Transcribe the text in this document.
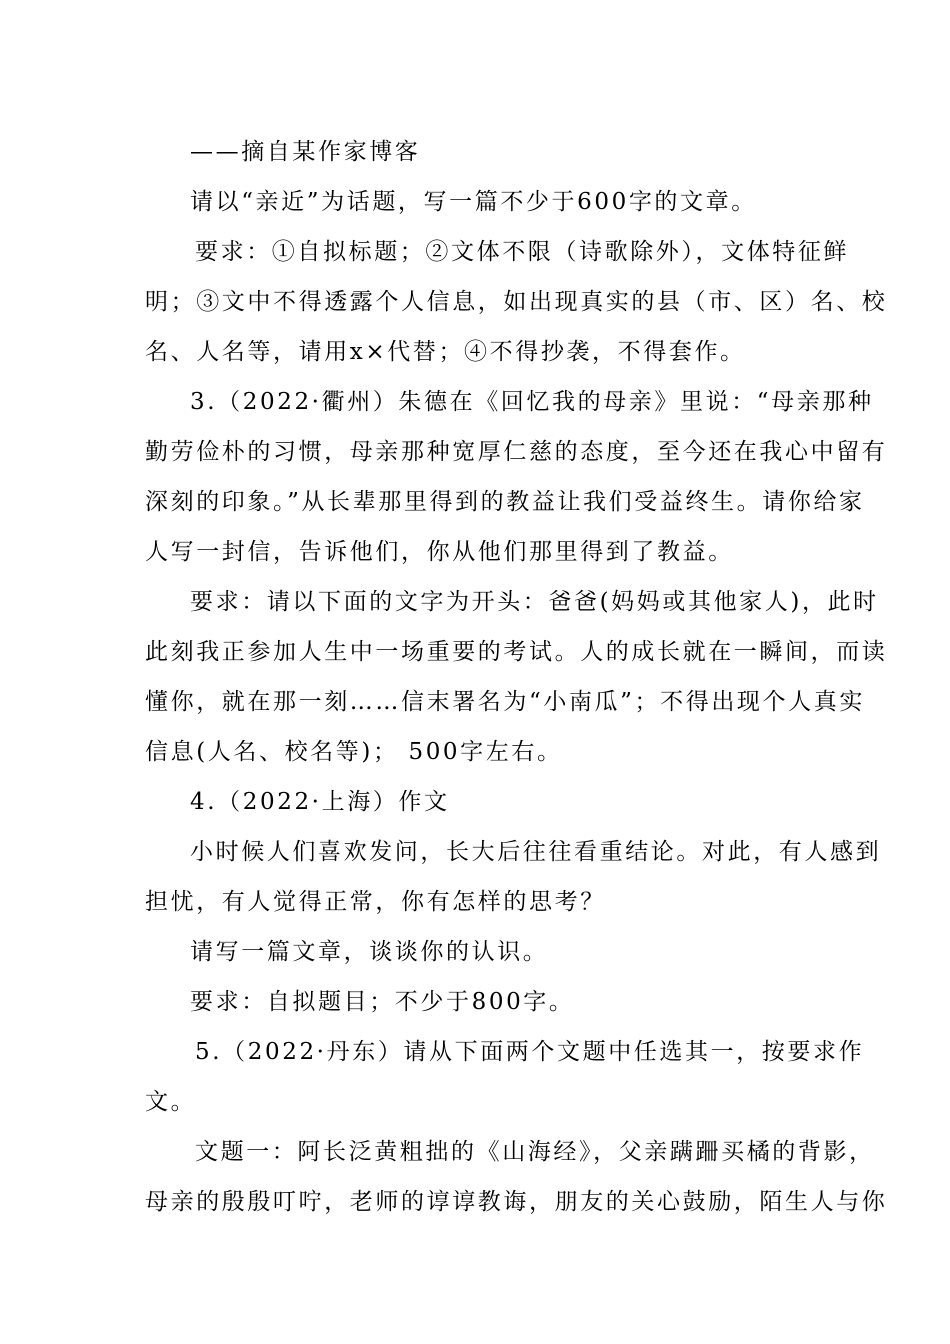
——摘自某作家博客
请以“亲近”为话题，写一篇不少于600字的文章。
要求：①自拟标题；②文体不限（诗歌除外），文体特征鲜
明；③文中不得透露个人信息，如出现真实的县（市、区）名、校
名、人名等，请用x×代替；④不得抄袭，不得套作。
3.（2022·衢州）朱德在《回忆我的母亲》里说：“母亲那种
勤劳俭朴的习惯，母亲那种宽厚仁慈的态度，至今还在我心中留有
深刻的印象。”从长辈那里得到的教益让我们受益终生。请你给家
人写一封信，告诉他们，你从他们那里得到了教益。
要求：请以下面的文字为开头：爸爸(妈妈或其他家人)，此时
此刻我正参加人生中一场重要的考试。人的成长就在一瞬间，而读
懂你，就在那一刻……信末署名为“小南瓜”；不得出现个人真实
信息(人名、校名等)； 500字左右。
4.（2022·上海）作文
小时候人们喜欢发问，长大后往往看重结论。对此，有人感到
担忧，有人觉得正常，你有怎样的思考？
请写一篇文章，谈谈你的认识。
要求：自拟题目；不少于800字。
5.（2022·丹东）请从下面两个文题中任选其一，按要求作
文。
文题一：阿长泛黄粗拙的《山海经》，父亲蹒跚买橘的背影，
母亲的殷殷叮咛，老师的谆谆教诲，朋友的关心鼓励，陌生人与你
